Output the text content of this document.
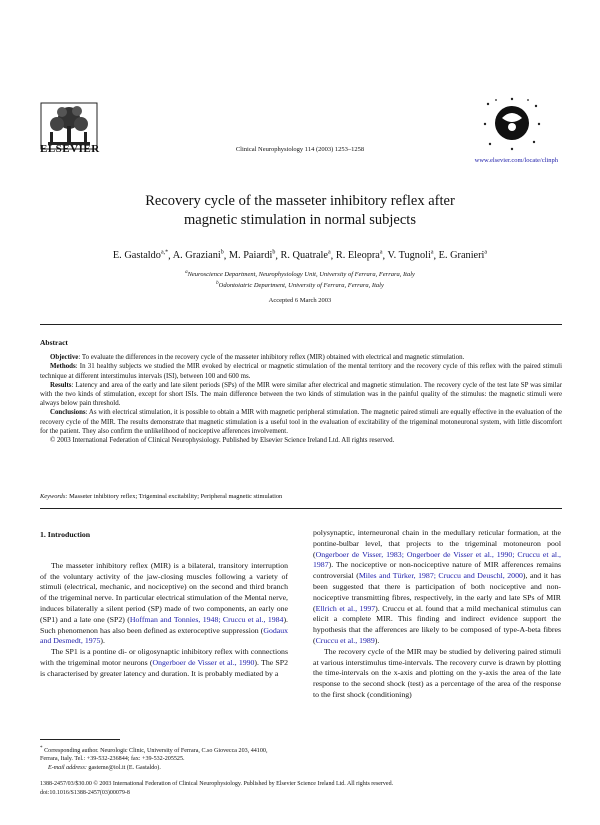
ELSEVIER	Clinical Neurophysiology 114 (2003) 1253–1258
www.elsevier.com/locate/clinph
Recovery cycle of the masseter inhibitory reflex after
magnetic stimulation in normal subjects
E. Gastaldo$^{a,*}$, A. Graziani$^b$, M. Paiardi$^b$, R. Quatrale$^a$, R. Eleopra$^a$, V. Tugnoli$^a$, E. Granieri$^a$
$^a$Neuroscience Department, Neurophysiology Unit, University of Ferrara, Ferrara, Italy
$^b$Odontoiatric Department, University of Ferrara, Ferrara, Italy
Accepted 6 March 2003
Abstract

Objective: To evaluate the differences in the recovery cycle of the masseter inhibitory reflex (MIR) obtained with electrical and magnetic stimulation.

Methods: In 31 healthy subjects we studied the MIR evoked by electrical or magnetic stimulation of the mental territory and the recovery cycle of this reflex with the paired stimuli technique at different interstimulus intervals (ISI), between 100 and 600 ms.

Results: Latency and area of the early and late silent periods (SPs) of the MIR were similar after electrical and magnetic stimulation. The recovery cycle of the test late SP was similar with the two kinds of stimulation, except for short ISIs. The main difference between the two kinds of stimulation was in the painful quality of the stimulus: the magnetic stimuli were always below pain threshold.

Conclusions: As with electrical stimulation, it is possible to obtain a MIR with magnetic peripheral stimulation. The magnetic paired stimuli are equally effective in the evaluation of the recovery cycle of the MIR. The results demonstrate that magnetic stimulation is a useful tool in the evaluation of excitability of the trigeminal motoneuronal system, with little discomfort for the patient. They also confirm the unlikelihood of nociceptive afferences involvement.

© 2003 International Federation of Clinical Neurophysiology. Published by Elsevier Science Ireland Ltd. All rights reserved.

Keywords: Masseter inhibitory reflex; Trigeminal excitability; Peripheral magnetic stimulation
1. Introduction

The masseter inhibitory reflex (MIR) is a bilateral, transitory interruption of the voluntary activity of the jaw-closing muscles following a variety of stimuli (electrical, mechanic, and nociceptive) on the second and third branch of the trigeminal nerve. In particular electrical stimulation of the Mental nerve, induces bilaterally a silent period (SP) made of two components, an early one (SP1) and a late one (SP2) (Hoffman and Tonnies, 1948; Cruccu et al., 1984). Such phenomenon has also been defined as exteroceptive suppression (Godaux and Desmedt, 1975).

The SP1 is a pontine di- or oligosynaptic inhibitory reflex with connections with the trigeminal motor neurons (Ongerboer de Visser et al., 1990). The SP2 is characterised by greater latency and duration. It is probably mediated by a

polysynaptic, interneuronal chain in the medullary reticular formation, at the pontine-bulbar level, that projects to the trigeminal motoneuron pool (Ongerboer de Visser, 1983; Ongerboer de Visser et al., 1990; Cruccu et al., 1987). The nociceptive or non-nociceptive nature of MIR afferences remains controversial (Miles and Türker, 1987; Cruccu and Deuschl, 2000), and it has been suggested that there is participation of both nociceptive and non-nociceptive transmitting fibres, respectively, in the early and late SPs of MIR (Ellrich et al., 1997). Cruccu et al. found that a mild mechanical stimulus can elicit a complete MIR. This finding and indirect evidence support the hypothesis that the afferences are likely to be composed of type-A-beta fibres (Cruccu et al., 1989).

The recovery cycle of the MIR may be studied by delivering paired stimuli at various interstimulus time-intervals. The recovery curve is drawn by plotting the time-intervals on the x-axis and plotting on the y-axis the area of the late response to the second shock (test) as a percentage of the area of the response to the first shock (conditioning)

* Corresponding author. Neurologic Clinic, University of Ferrara, C.so Giovecca 203, 44100, Ferrara, Italy. Tel.: +39-532-236844; fax: +39-532-205525.

E-mail address: gasteme@iol.it (E. Gastaldo).

1388-2457/03/$30.00 © 2003 International Federation of Clinical Neurophysiology. Published by Elsevier Science Ireland Ltd. All rights reserved.
doi:10.1016/S1388-2457(03)00079-8
